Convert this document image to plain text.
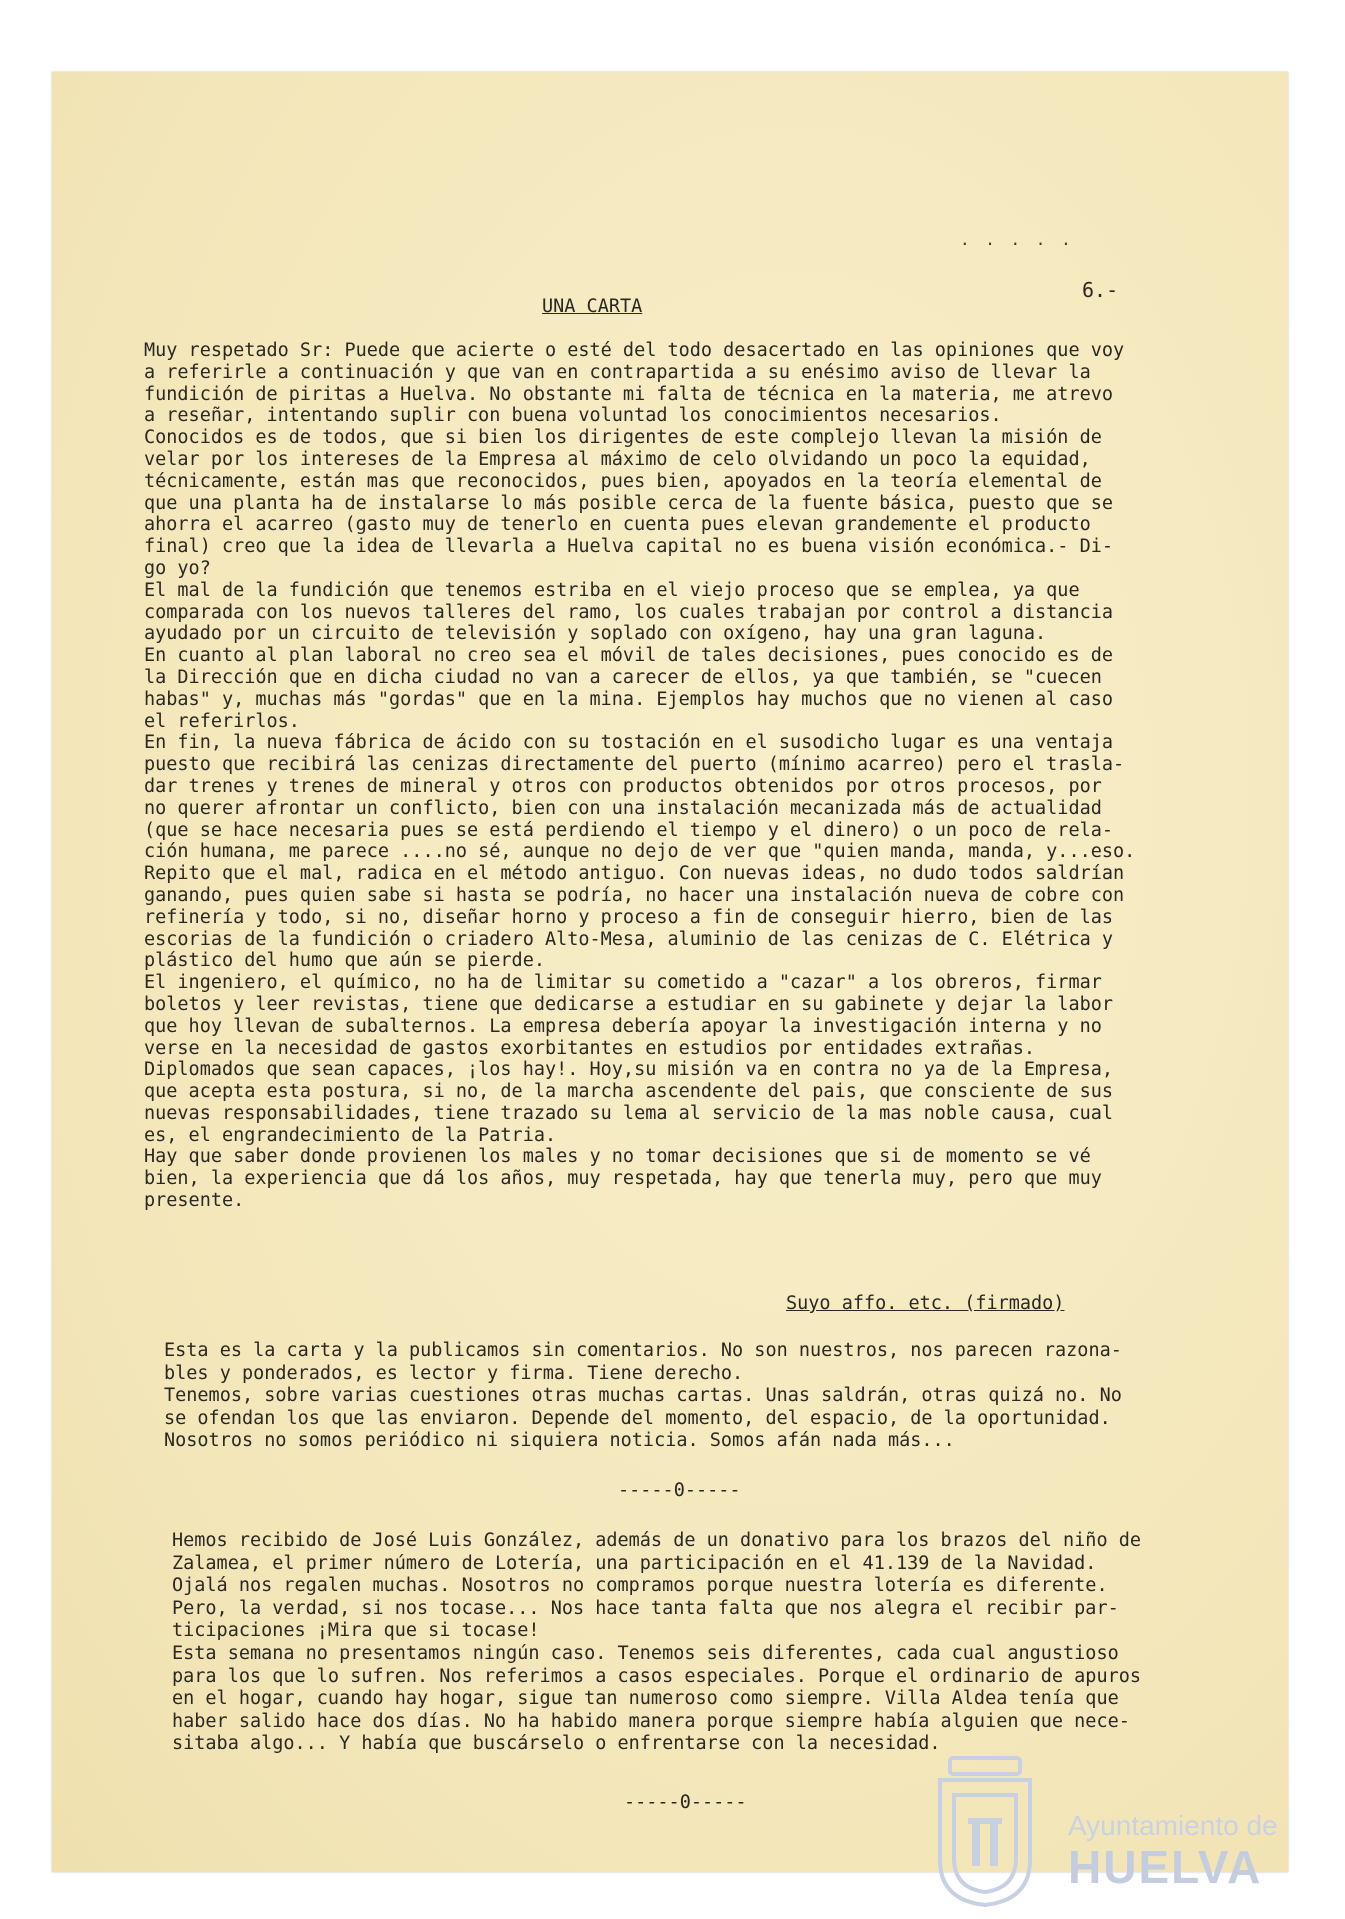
. . . . .
6.-
UNA CARTA
Muy respetado Sr: Puede que acierte o esté del todo desacertado en las opiniones que voy
a referirle a continuación y que van en contrapartida a su enésimo aviso de llevar la
fundición de piritas a Huelva. No obstante mi falta de técnica en la materia, me atrevo
a reseñar, intentando suplir con buena voluntad los conocimientos necesarios.
Conocidos es de todos, que si bien los dirigentes de este complejo llevan la misión de
velar por los intereses de la Empresa al máximo de celo olvidando un poco la equidad,
técnicamente, están mas que reconocidos, pues bien, apoyados en la teoría elemental de
que una planta ha de instalarse lo más posible cerca de la fuente básica, puesto que se
ahorra el acarreo (gasto muy de tenerlo en cuenta pues elevan grandemente el producto
final) creo que la idea de llevarla a Huelva capital no es buena visión económica.- Di-
go yo?
El mal de la fundición que tenemos estriba en el viejo proceso que se emplea, ya que
comparada con los nuevos talleres del ramo, los cuales trabajan por control a distancia
ayudado por un circuito de televisión y soplado con oxígeno, hay una gran laguna.
En cuanto al plan laboral no creo sea el móvil de tales decisiones, pues conocido es de
la Dirección que en dicha ciudad no van a carecer de ellos, ya que también, se "cuecen
habas" y, muchas más "gordas" que en la mina. Ejemplos hay muchos que no vienen al caso
el referirlos.
En fin, la nueva fábrica de ácido con su tostación en el susodicho lugar es una ventaja
puesto que recibirá las cenizas directamente del puerto (mínimo acarreo) pero el trasla-
dar trenes y trenes de mineral y otros con productos obtenidos por otros procesos, por
no querer afrontar un conflicto, bien con una instalación mecanizada más de actualidad
(que se hace necesaria pues se está perdiendo el tiempo y el dinero) o un poco de rela-
ción humana, me parece ....no sé, aunque no dejo de ver que "quien manda, manda, y...eso.
Repito que el mal, radica en el método antiguo. Con nuevas ideas, no dudo todos saldrían
ganando, pues quien sabe si hasta se podría, no hacer una instalación nueva de cobre con
refinería y todo, si no, diseñar horno y proceso a fin de conseguir hierro, bien de las
escorias de la fundición o criadero Alto-Mesa, aluminio de las cenizas de C. Elétrica y
plástico del humo que aún se pierde.
El ingeniero, el químico, no ha de limitar su cometido a "cazar" a los obreros, firmar
boletos y leer revistas, tiene que dedicarse a estudiar en su gabinete y dejar la labor
que hoy llevan de subalternos. La empresa debería apoyar la investigación interna y no
verse en la necesidad de gastos exorbitantes en estudios por entidades extrañas.
Diplomados que sean capaces, ¡los hay!. Hoy,su misión va en contra no ya de la Empresa,
que acepta esta postura, si no, de la marcha ascendente del pais, que consciente de sus
nuevas responsabilidades, tiene trazado su lema al servicio de la mas noble causa, cual
es, el engrandecimiento de la Patria.
Hay que saber donde provienen los males y no tomar decisiones que si de momento se vé
bien, la experiencia que dá los años, muy respetada, hay que tenerla muy, pero que muy
presente.
Suyo affo. etc. (firmado)
Esta es la carta y la publicamos sin comentarios. No son nuestros, nos parecen razona-
bles y ponderados, es lector y firma. Tiene derecho.
Tenemos, sobre varias cuestiones otras muchas cartas. Unas saldrán, otras quizá no. No
se ofendan los que las enviaron. Depende del momento, del espacio, de la oportunidad.
Nosotros no somos periódico ni siquiera noticia. Somos afán nada más...
-----0-----
Hemos recibido de José Luis González, además de un donativo para los brazos del niño de
Zalamea, el primer número de Lotería, una participación en el 41.139 de la Navidad.
Ojalá nos regalen muchas. Nosotros no compramos porque nuestra lotería es diferente.
Pero, la verdad, si nos tocase... Nos hace tanta falta que nos alegra el recibir par-
ticipaciones ¡Mira que si tocase!
Esta semana no presentamos ningún caso. Tenemos seis diferentes, cada cual angustioso
para los que lo sufren. Nos referimos a casos especiales. Porque el ordinario de apuros
en el hogar, cuando hay hogar, sigue tan numeroso como siempre. Villa Aldea tenía que
haber salido hace dos días. No ha habido manera porque siempre había alguien que nece-
sitaba algo... Y había que buscárselo o enfrentarse con la necesidad.
-----0-----
Ayuntamiento de
HUELVA
